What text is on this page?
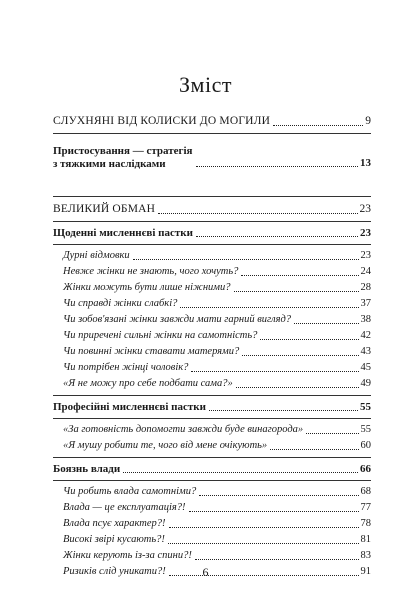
Зміст
СЛУХНЯНІ ВІД КОЛИСКИ ДО МОГИЛИ	9
Пристосування — стратегія
з тяжкими наслідками	13
ВЕЛИКИЙ ОБМАН	23
Щоденні мисленнєві пастки	23
Дурні відмовки	23
Невже жінки не знають, чого хочуть?	24
Жінки можуть бути лише ніжними?	28
Чи справді жінки слабкі?	37
Чи зобов'язані жінки завжди мати гарний вигляд?	38
Чи приречені сильні жінки на самотність?	42
Чи повинні жінки ставати матерями?	43
Чи потрібен жінці чоловік?	45
«Я не можу про себе подбати сама?»	49
Професійні мисленнєві пастки	55
«За готовність допомогти завжди буде винагорода»	55
«Я мушу робити те, чого від мене очікують»	60
Боязнь влади	66
Чи робить влада самотніми?	68
Влада — це експлуатація?!	77
Влада псує характер?!	78
Високі звірі кусають?!	81
Жінки керують із-за спини?!	83
Ризиків слід уникати?!	91
6
